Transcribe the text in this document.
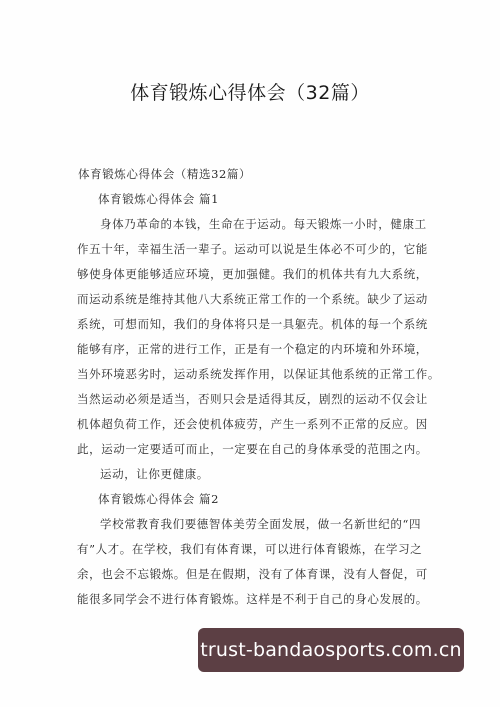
体育锻炼心得体会（32篇）
体育锻炼心得体会（精选32篇）
体育锻炼心得体会 篇1
身体乃革命的本钱，生命在于运动。每天锻炼一小时，健康工
作五十年，幸福生活一辈子。运动可以说是生体必不可少的，它能
够使身体更能够适应环境，更加强健。我们的机体共有九大系统，
而运动系统是维持其他八大系统正常工作的一个系统。缺少了运动
系统，可想而知，我们的身体将只是一具躯壳。机体的每一个系统
能够有序，正常的进行工作，正是有一个稳定的内环境和外环境，
当外环境恶劣时，运动系统发挥作用，以保证其他系统的正常工作。
当然运动必须是适当，否则只会是适得其反，剧烈的运动不仅会让
机体超负荷工作，还会使机体疲劳，产生一系列不正常的反应。因
此，运动一定要适可而止，一定要在自己的身体承受的范围之内。
运动，让你更健康。
体育锻炼心得体会 篇2
学校常教育我们要德智体美劳全面发展，做一名新世纪的“四
有”人才。在学校，我们有体育课，可以进行体育锻炼，在学习之
余，也会不忘锻炼。但是在假期，没有了体育课，没有人督促，可
能很多同学会不进行体育锻炼。这样是不利于自己的身心发展的。
trust-bandaosports.com.cn
